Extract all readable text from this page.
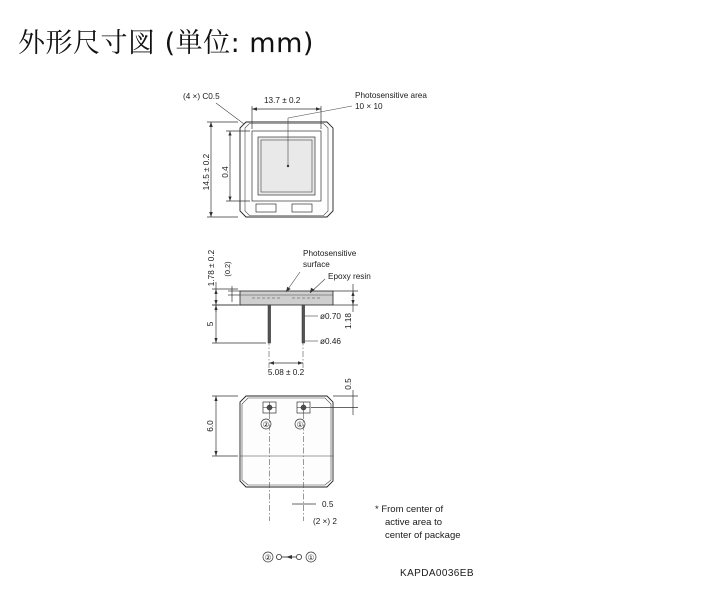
外形尺寸図 (単位: mm)
(4 ×) C0.5	13.7 ± 0.2
Photosensitive area
10 × 10
14.5 ± 0.2 0.4
Photosensitive
surface
Epoxy resin
1.78 ± 0.2 (0.2)
5	1.18
ø0.70
ø0.46
5.08 ± 0.2
②	①
0.5
6.0
0.5
(2 ×) 2
* From center of
active area to
center of package
②	①
KAPDA0036EB
